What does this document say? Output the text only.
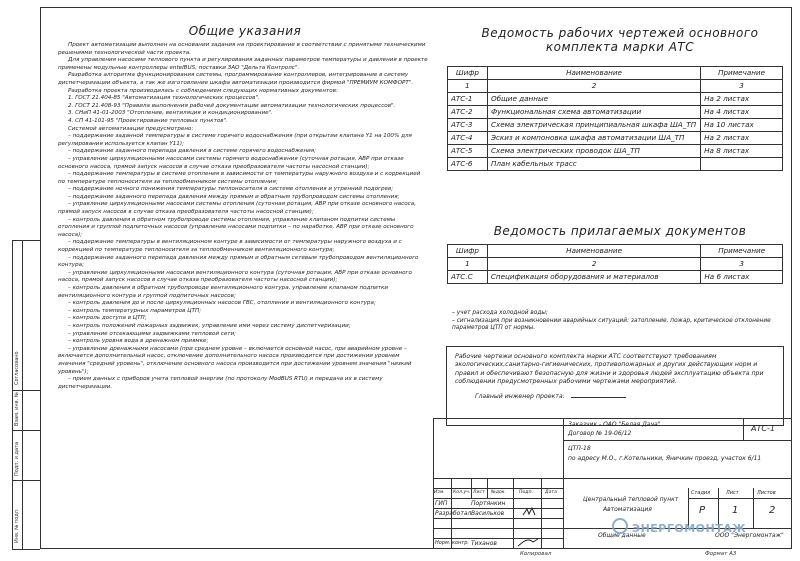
Согласовано
Взам. инв. №
Подп. и дата
Инв. № подл.
Общие указания

Проект автоматизации выполнен на основании задания на проектирование в соответствии с принятыми техническими решениями технологической части проекта.

Для управления насосами теплового пункта и регулирования заданных параметров температуры и давления в проекте применены модульные контроллеры entelBUS, поставки ЗАО "Дельта Контролс".

Разработка алгоритма функционирования системы, программирование контроллеров, интегрирование в систему диспетчеризации объекта, а так же изготовление шкафа автоматизации производится фирмой "ПРЕМИУМ КОМФОРТ".

Разработка проекта производилась с соблюдением следующих нормативных документов:

1. ГОСТ 21.404-85 "Автоматизация технологических процессов".

2. ГОСТ 21.408-93 "Правила выполнения рабочей документации автоматизации технологических процессов".

3. СНиП 41-01-2003 "Отопление, вентиляция и кондиционирование".

4. СП 41-101-95 "Проектирование тепловых пунктов".

Системой автоматизации предусмотрено:

– поддержание заданной температуры в системе горячего водоснабжения (при открытии клапана Y1 на 100% для регулирования используется клапан Y11);

– поддержание заданного перепада давления в системе горячего водоснабжения;

– управление циркуляционными насосами системы горячего водоснабжения (суточная ротация, АВР при отказе основного насоса, прямой запуск насосов в случае отказа преобразователя частоты насосной станции);

– поддержание температуры в системе отопления в зависимости от температуры наружного воздуха и с коррекцией по температуре теплоносителя за теплообменником системы отопления;

– поддержание ночного понижения температуры теплоносителя в системе отопления и утренний подогрев;

– поддержание заданного перепада давления между прямым и обратным трубопроводом системы отопления;

– управление циркуляционными насосами системы отопления (суточная ротация, АВР при отказе основного насоса, прямой запуск насосов в случае отказа преобразователя частоты насосной станции);

– контроль давления в обратном трубопроводе системы отопления, управление клапаном подпитки системы отопления и группой подпиточных насосов (управление насосами подпитки – по наработке, АВР при отказе основного насоса);

– поддержание температуры в вентиляционном контуре в зависимости от температуры наружного воздуха и с коррекцией по температуре теплоносителя за теплообменником вентиляционного контура;

– поддержание заданного перепада давления между прямым и обратным сетевым трубопроводом вентиляционного контура;

– управление циркуляционными насосами вентиляционного контура (суточная ротация, АВР при отказе основного насоса, прямой запуск насосов в случае отказа преобразователя частоты насосной станции);

– контроль давления в обратном трубопроводе вентиляционного контура, управление клапаном подпитки вентиляционного контура и группой подпиточных насосов;

– контроль давления до и после циркуляционных насосов ГВС, отопления и вентиляционного контура;

– контроль температурных параметров ЦТП;

– контроль доступа в ЦТП;

– контроль положений пожарных задвижек, управление ими через систему диспетчеризации;

– управление отсекающими задвижками тепловой сети;

– контроль уровня вода в дренажном приямке;

– управление дренажными насосами (при среднем уровне – включается основной насос, при аварийном уровне – включается дополнительный насос, отключение дополнительного насоса производится при достижении уровнем значения "средний уровень", отключение основного насоса производится при достижении уровнем значения "низкий уровень");

– прием данных с приборов учета тепловой энергии (по протоколу ModBUS RTU) и передача их в систему диспетчеризации.

Ведомость рабочих чертежей основного комплекта марки АТС
Шифр	Наименование	Примечание
1	2	3
АТС-1	Общие данные	На 2 листах
АТС-2	Функциональная схема автоматизации	На 4 листах
АТС-3	Схема электрическая принципиальная шкафа ША_ТП	На 10 листах
АТС-4	Эскиз и компоновка шкафа автоматизации ША_ТП	На 2 листах
АТС-5	Схема электрических проводок ША_ТП	На 8 листах
АТС-6	План кабельных трасс	
Ведомость прилагаемых документов
Шифр	Наименование	Примечание
1	2	3
АТС.С	Спецификация оборудования и материалов	На 6 листах

– учет расхода холодной воды;

– сигнализация при возникновении аварийных ситуаций: затопление, пожар, критическое отклонение параметров ЦТП от нормы.

Рабочие чертежи основного комплекта марки АТС соответствуют требованиям экологических,санитарно-гигиенических, противопожарных и других действующих норм и правил и обеспечивают безопасную для жизни и здоровья людей эксплуатацию объекта при соблюдении предусмотренных рабочими чертежами мероприятий.

Главный инженер проекта:

Заказчик - ОАО "Белая Дача"
Договор № 19-06/12
АТС-1
ЦТП-18
по адресу М.О., г.Котельники, Яничкин проезд, участок 6/11
Изм. Кол.уч. Лист №док.	Подп.	Дата
ГИП	Портянкин
Разработал Васильков
Норм. контр. Тиханов
Центральный тепловой пункт
Автоматизация
Общие данные
Стадия	Лист	Листов
Р	1	2
ООО "Энергомонтаж"
ЭНЕРГОМОНТАЖ
Копировал	Формат А3
